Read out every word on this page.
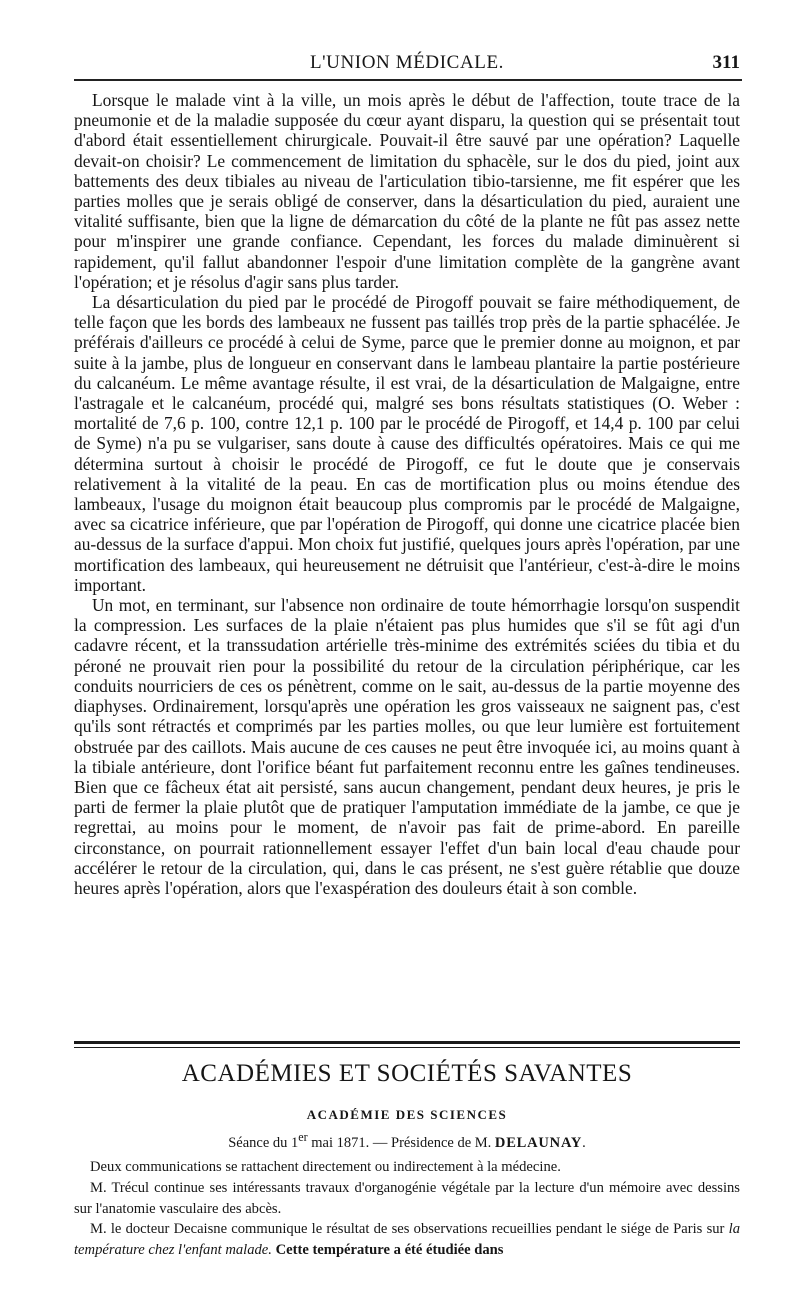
L'UNION MÉDICALE.	311

Lorsque le malade vint à la ville, un mois après le début de l'affection, toute trace de la pneumonie et de la maladie supposée du cœur ayant disparu, la question qui se présentait tout d'abord était essentiellement chirurgicale. Pouvait-il être sauvé par une opération? Laquelle devait-on choisir? Le commencement de limitation du sphacèle, sur le dos du pied, joint aux battements des deux tibiales au niveau de l'articulation tibio-tarsienne, me fit espérer que les parties molles que je serais obligé de conserver, dans la désarticulation du pied, auraient une vitalité suffisante, bien que la ligne de démarcation du côté de la plante ne fût pas assez nette pour m'inspirer une grande confiance. Cependant, les forces du malade diminuèrent si rapidement, qu'il fallut abandonner l'espoir d'une limitation complète de la gangrène avant l'opération; et je résolus d'agir sans plus tarder.

La désarticulation du pied par le procédé de Pirogoff pouvait se faire méthodiquement, de telle façon que les bords des lambeaux ne fussent pas taillés trop près de la partie sphacélée. Je préférais d'ailleurs ce procédé à celui de Syme, parce que le premier donne au moignon, et par suite à la jambe, plus de longueur en conservant dans le lambeau plantaire la partie postérieure du calcanéum. Le même avantage résulte, il est vrai, de la désarticulation de Malgaigne, entre l'astragale et le calcanéum, procédé qui, malgré ses bons résultats statistiques (O. Weber : mortalité de 7,6 p. 100, contre 12,1 p. 100 par le procédé de Pirogoff, et 14,4 p. 100 par celui de Syme) n'a pu se vulgariser, sans doute à cause des difficultés opératoires. Mais ce qui me détermina surtout à choisir le procédé de Pirogoff, ce fut le doute que je conservais relativement à la vitalité de la peau. En cas de mortification plus ou moins étendue des lambeaux, l'usage du moignon était beaucoup plus compromis par le procédé de Malgaigne, avec sa cicatrice inférieure, que par l'opération de Pirogoff, qui donne une cicatrice placée bien au-dessus de la surface d'appui. Mon choix fut justifié, quelques jours après l'opération, par une mortification des lambeaux, qui heureusement ne détruisit que l'antérieur, c'est-à-dire le moins important.

Un mot, en terminant, sur l'absence non ordinaire de toute hémorrhagie lorsqu'on suspendit la compression. Les surfaces de la plaie n'étaient pas plus humides que s'il se fût agi d'un cadavre récent, et la transsudation artérielle très-minime des extrémités sciées du tibia et du péroné ne prouvait rien pour la possibilité du retour de la circulation périphérique, car les conduits nourriciers de ces os pénètrent, comme on le sait, au-dessus de la partie moyenne des diaphyses. Ordinairement, lorsqu'après une opération les gros vaisseaux ne saignent pas, c'est qu'ils sont rétractés et comprimés par les parties molles, ou que leur lumière est fortuitement obstruée par des caillots. Mais aucune de ces causes ne peut être invoquée ici, au moins quant à la tibiale antérieure, dont l'orifice béant fut parfaitement reconnu entre les gaînes tendineuses. Bien que ce fâcheux état ait persisté, sans aucun changement, pendant deux heures, je pris le parti de fermer la plaie plutôt que de pratiquer l'amputation immédiate de la jambe, ce que je regrettai, au moins pour le moment, de n'avoir pas fait de prime-abord. En pareille circonstance, on pourrait rationnellement essayer l'effet d'un bain local d'eau chaude pour accélérer le retour de la circulation, qui, dans le cas présent, ne s'est guère rétablie que douze heures après l'opération, alors que l'exaspération des douleurs était à son comble.

ACADÉMIES ET SOCIÉTÉS SAVANTES
ACADÉMIE DES SCIENCES
Séance du 1er mai 1871. — Présidence de M. DELAUNAY.

Deux communications se rattachent directement ou indirectement à la médecine.

M. Trécul continue ses intéressants travaux d'organogénie végétale par la lecture d'un mémoire avec dessins sur l'anatomie vasculaire des abcès.

M. le docteur Decaisne communique le résultat de ses observations recueillies pendant le siége de Paris sur la température chez l'enfant malade. Cette température a été étudiée dans
